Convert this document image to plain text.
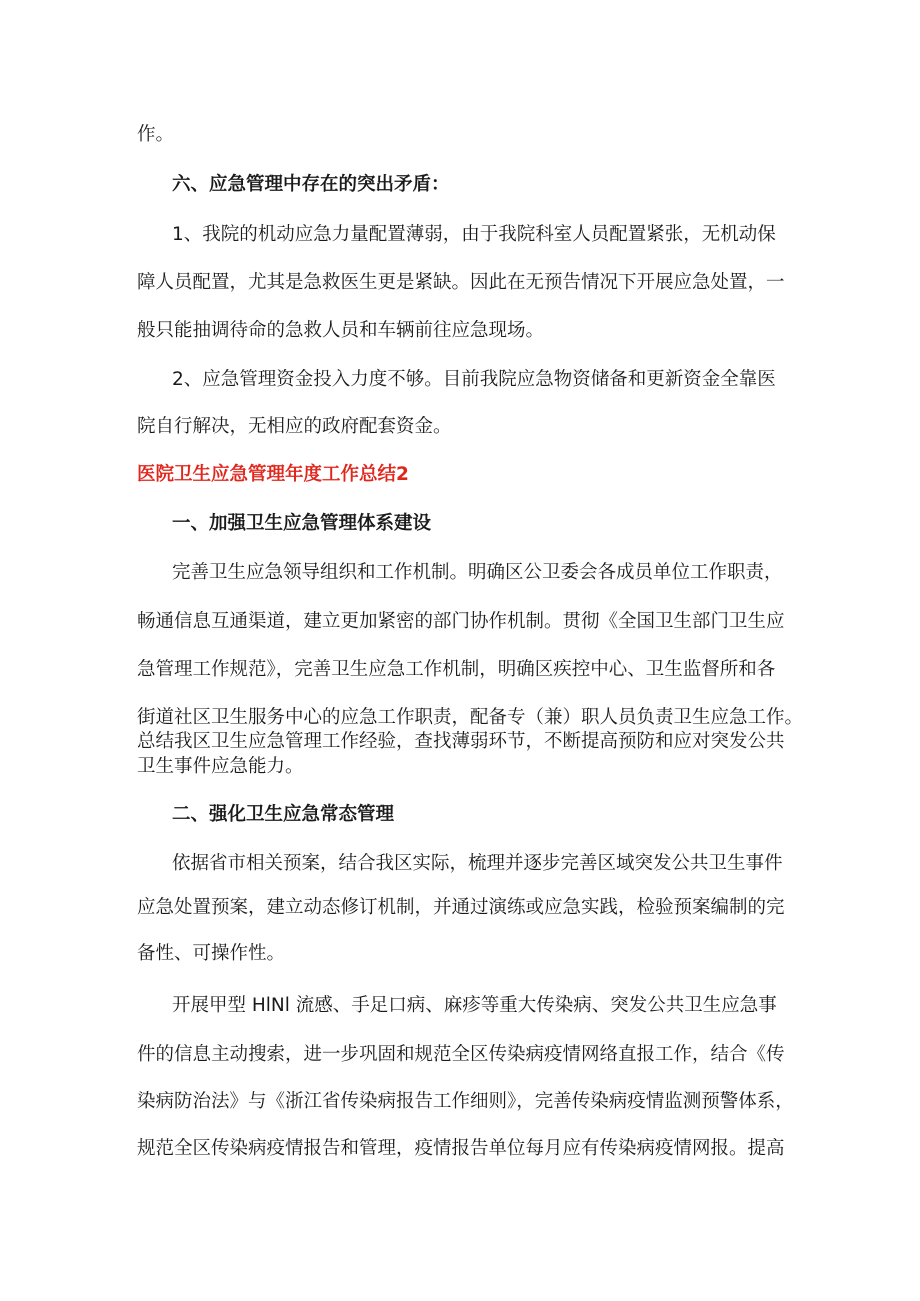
作。

六、应急管理中存在的突出矛盾：

1、我院的机动应急力量配置薄弱，由于我院科室人员配置紧张，无机动保

障人员配置，尤其是急救医生更是紧缺。因此在无预告情况下开展应急处置，一

般只能抽调待命的急救人员和车辆前往应急现场。

2、应急管理资金投入力度不够。目前我院应急物资储备和更新资金全靠医

院自行解决，无相应的政府配套资金。

医院卫生应急管理年度工作总结2

一、加强卫生应急管理体系建设

完善卫生应急领导组织和工作机制。明确区公卫委会各成员单位工作职责，

畅通信息互通渠道，建立更加紧密的部门协作机制。贯彻《全国卫生部门卫生应

急管理工作规范》，完善卫生应急工作机制，明确区疾控中心、卫生监督所和各

街道社区卫生服务中心的应急工作职责，配备专（兼）职人员负责卫生应急工作。

总结我区卫生应急管理工作经验，查找薄弱环节，不断提高预防和应对突发公共

卫生事件应急能力。

二、强化卫生应急常态管理

依据省市相关预案，结合我区实际，梳理并逐步完善区域突发公共卫生事件

应急处置预案，建立动态修订机制，并通过演练或应急实践，检验预案编制的完

备性、可操作性。

开展甲型 HlNl 流感、手足口病、麻疹等重大传染病、突发公共卫生应急事

件的信息主动搜索，进一步巩固和规范全区传染病疫情网络直报工作，结合《传

染病防治法》与《浙江省传染病报告工作细则》，完善传染病疫情监测预警体系，

规范全区传染病疫情报告和管理，疫情报告单位每月应有传染病疫情网报。提高
